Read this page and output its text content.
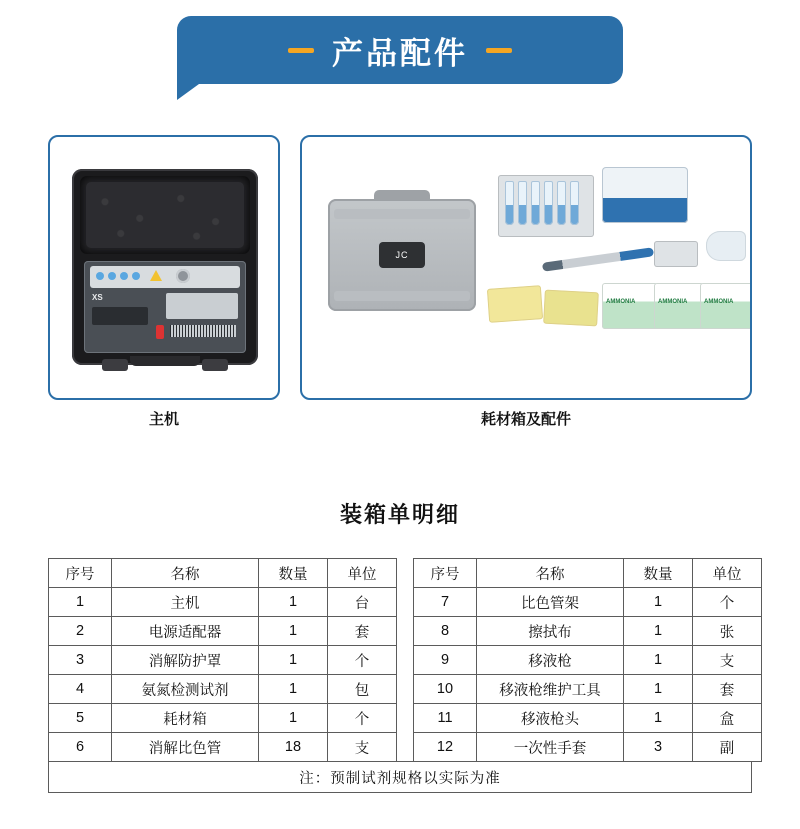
产品配件
XS
JC
AMMONIA	AMMONIA	AMMONIA
主机	耗材箱及配件
装箱单明细
序号	名称	数量	单位
1	主机	1	台
2	电源适配器	1	套
3	消解防护罩	1	个
4	氨氮检测试剂	1	包
5	耗材箱	1	个
6	消解比色管	18	支
序号	名称	数量	单位
7	比色管架	1	个
8	擦拭布	1	张
9	移液枪	1	支
10	移液枪维护工具	1	套
11	移液枪头	1	盒
12	一次性手套	3	副
注：预制试剂规格以实际为准
